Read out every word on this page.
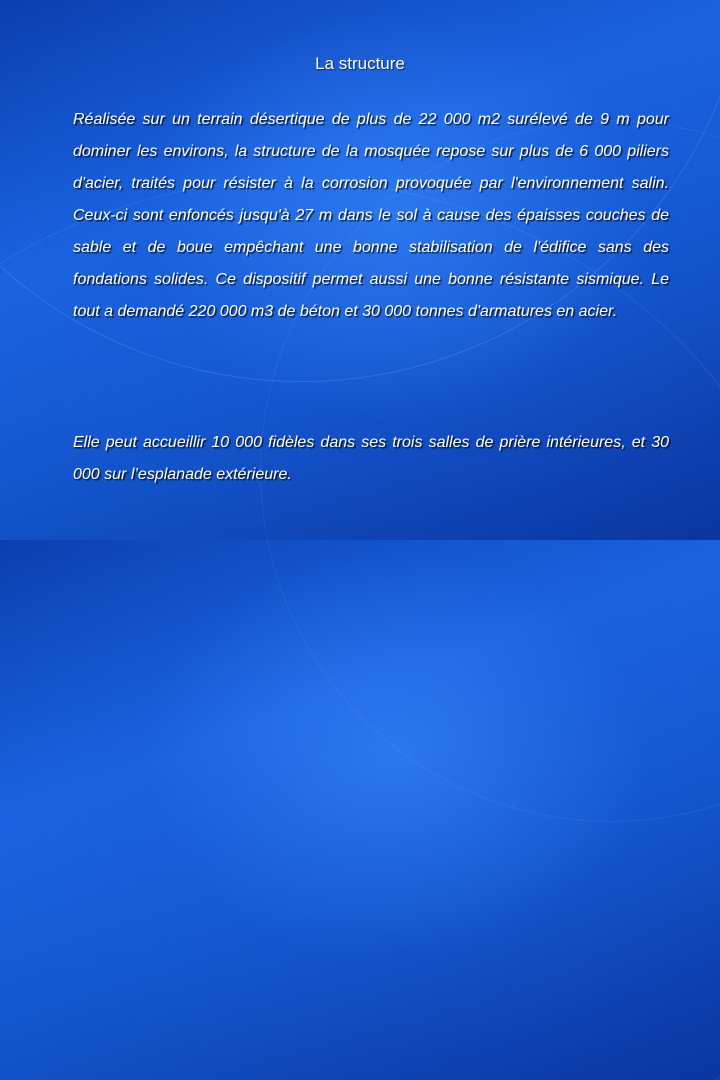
La structure

Réalisée sur un terrain désertique de plus de 22 000 m2 surélevé de 9 m pour dominer les environs, la structure de la mosquée repose sur plus de 6 000 piliers d'acier, traités pour résister à la corrosion provoquée par l'environnement salin. Ceux-ci sont enfoncés jusqu'à 27 m dans le sol à cause des épaisses couches de sable et de boue empêchant une bonne stabilisation de l'édifice sans des fondations solides. Ce dispositif permet aussi une bonne résistante sismique. Le tout a demandé 220 000 m3 de béton et 30 000 tonnes d'armatures en acier.

Elle peut accueillir 10 000 fidèles dans ses trois salles de prière intérieures, et 30 000 sur l’esplanade extérieure.
